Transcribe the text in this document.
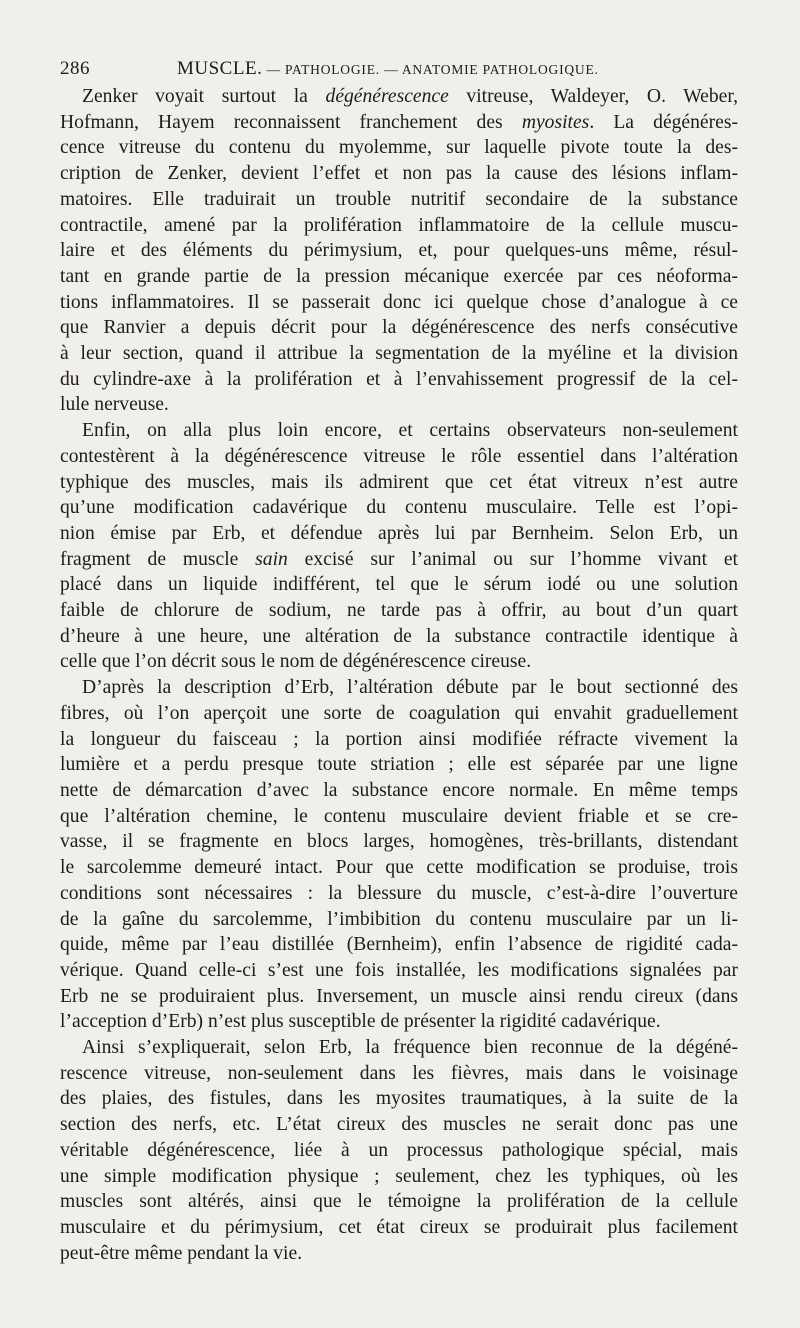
286	MUSCLE. — PATHOLOGIE. — ANATOMIE PATHOLOGIQUE.

Zenker voyait surtout la dégénérescence vitreuse, Waldeyer, O. Weber,
Hofmann, Hayem reconnaissent franchement des myosites. La dégénéres-
cence vitreuse du contenu du myolemme, sur laquelle pivote toute la des-
cription de Zenker, devient l’effet et non pas la cause des lésions inflam-
matoires. Elle traduirait un trouble nutritif secondaire de la substance
contractile, amené par la prolifération inflammatoire de la cellule muscu-
laire et des éléments du périmysium, et, pour quelques-uns même, résul-
tant en grande partie de la pression mécanique exercée par ces néoforma-
tions inflammatoires. Il se passerait donc ici quelque chose d’analogue à ce
que Ranvier a depuis décrit pour la dégénérescence des nerfs consécutive
à leur section, quand il attribue la segmentation de la myéline et la division
du cylindre-axe à la prolifération et à l’envahissement progressif de la cel-
lule nerveuse.

Enfin, on alla plus loin encore, et certains observateurs non-seulement
contestèrent à la dégénérescence vitreuse le rôle essentiel dans l’altération
typhique des muscles, mais ils admirent que cet état vitreux n’est autre
qu’une modification cadavérique du contenu musculaire. Telle est l’opi-
nion émise par Erb, et défendue après lui par Bernheim. Selon Erb, un
fragment de muscle sain excisé sur l’animal ou sur l’homme vivant et
placé dans un liquide indifférent, tel que le sérum iodé ou une solution
faible de chlorure de sodium, ne tarde pas à offrir, au bout d’un quart
d’heure à une heure, une altération de la substance contractile identique à
celle que l’on décrit sous le nom de dégénérescence cireuse.

D’après la description d’Erb, l’altération débute par le bout sectionné des
fibres, où l’on aperçoit une sorte de coagulation qui envahit graduellement
la longueur du faisceau ; la portion ainsi modifiée réfracte vivement la
lumière et a perdu presque toute striation ; elle est séparée par une ligne
nette de démarcation d’avec la substance encore normale. En même temps
que l’altération chemine, le contenu musculaire devient friable et se cre-
vasse, il se fragmente en blocs larges, homogènes, très-brillants, distendant
le sarcolemme demeuré intact. Pour que cette modification se produise, trois
conditions sont nécessaires : la blessure du muscle, c’est-à-dire l’ouverture
de la gaîne du sarcolemme, l’imbibition du contenu musculaire par un li-
quide, même par l’eau distillée (Bernheim), enfin l’absence de rigidité cada-
vérique. Quand celle-ci s’est une fois installée, les modifications signalées par
Erb ne se produiraient plus. Inversement, un muscle ainsi rendu cireux (dans
l’acception d’Erb) n’est plus susceptible de présenter la rigidité cadavérique.

Ainsi s’expliquerait, selon Erb, la fréquence bien reconnue de la dégéné-
rescence vitreuse, non-seulement dans les fièvres, mais dans le voisinage
des plaies, des fistules, dans les myosites traumatiques, à la suite de la
section des nerfs, etc. L’état cireux des muscles ne serait donc pas une
véritable dégénérescence, liée à un processus pathologique spécial, mais
une simple modification physique ; seulement, chez les typhiques, où les
muscles sont altérés, ainsi que le témoigne la prolifération de la cellule
musculaire et du périmysium, cet état cireux se produirait plus facilement
peut-être même pendant la vie.
